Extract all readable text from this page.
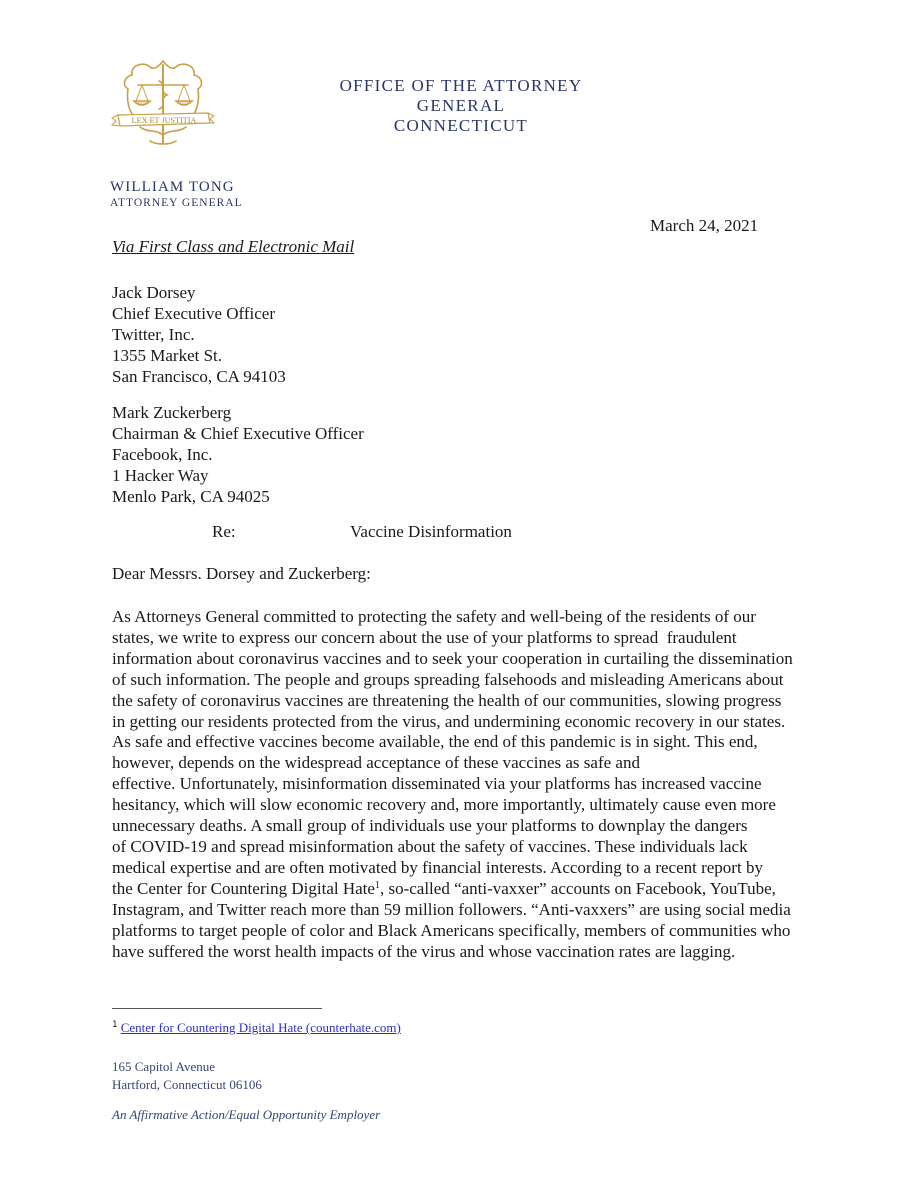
LEX ET JUSTITIA
OFFICE OF THE ATTORNEY GENERAL
CONNECTICUT
WILLIAM TONG
ATTORNEY GENERAL
March 24, 2021
Via First Class and Electronic Mail
Jack Dorsey
Chief Executive Officer
Twitter, Inc.
1355 Market St.
San Francisco, CA 94103
Mark Zuckerberg
Chairman & Chief Executive Officer
Facebook, Inc.
1 Hacker Way
Menlo Park, CA 94025
Re:	Vaccine Disinformation
Dear Messrs. Dorsey and Zuckerberg:
As Attorneys General committed to protecting the safety and well-being of the residents of our
states, we write to express our concern about the use of your platforms to spread  fraudulent
information about coronavirus vaccines and to seek your cooperation in curtailing the dissemination
of such information. The people and groups spreading falsehoods and misleading Americans about
the safety of coronavirus vaccines are threatening the health of our communities, slowing progress
in getting our residents protected from the virus, and undermining economic recovery in our states.
As safe and effective vaccines become available, the end of this pandemic is in sight. This end,
however, depends on the widespread acceptance of these vaccines as safe and
effective. Unfortunately, misinformation disseminated via your platforms has increased vaccine
hesitancy, which will slow economic recovery and, more importantly, ultimately cause even more
unnecessary deaths. A small group of individuals use your platforms to downplay the dangers
of COVID-19 and spread misinformation about the safety of vaccines. These individuals lack
medical expertise and are often motivated by financial interests. According to a recent report by
the Center for Countering Digital Hate$^1$, so-called “anti-vaxxer” accounts on Facebook, YouTube,
Instagram, and Twitter reach more than 59 million followers. “Anti-vaxxers” are using social media
platforms to target people of color and Black Americans specifically, members of communities who
have suffered the worst health impacts of the virus and whose vaccination rates are lagging.
$^1$ Center for Countering Digital Hate (counterhate.com)
165 Capitol Avenue
Hartford, Connecticut 06106
An Affirmative Action/Equal Opportunity Employer
